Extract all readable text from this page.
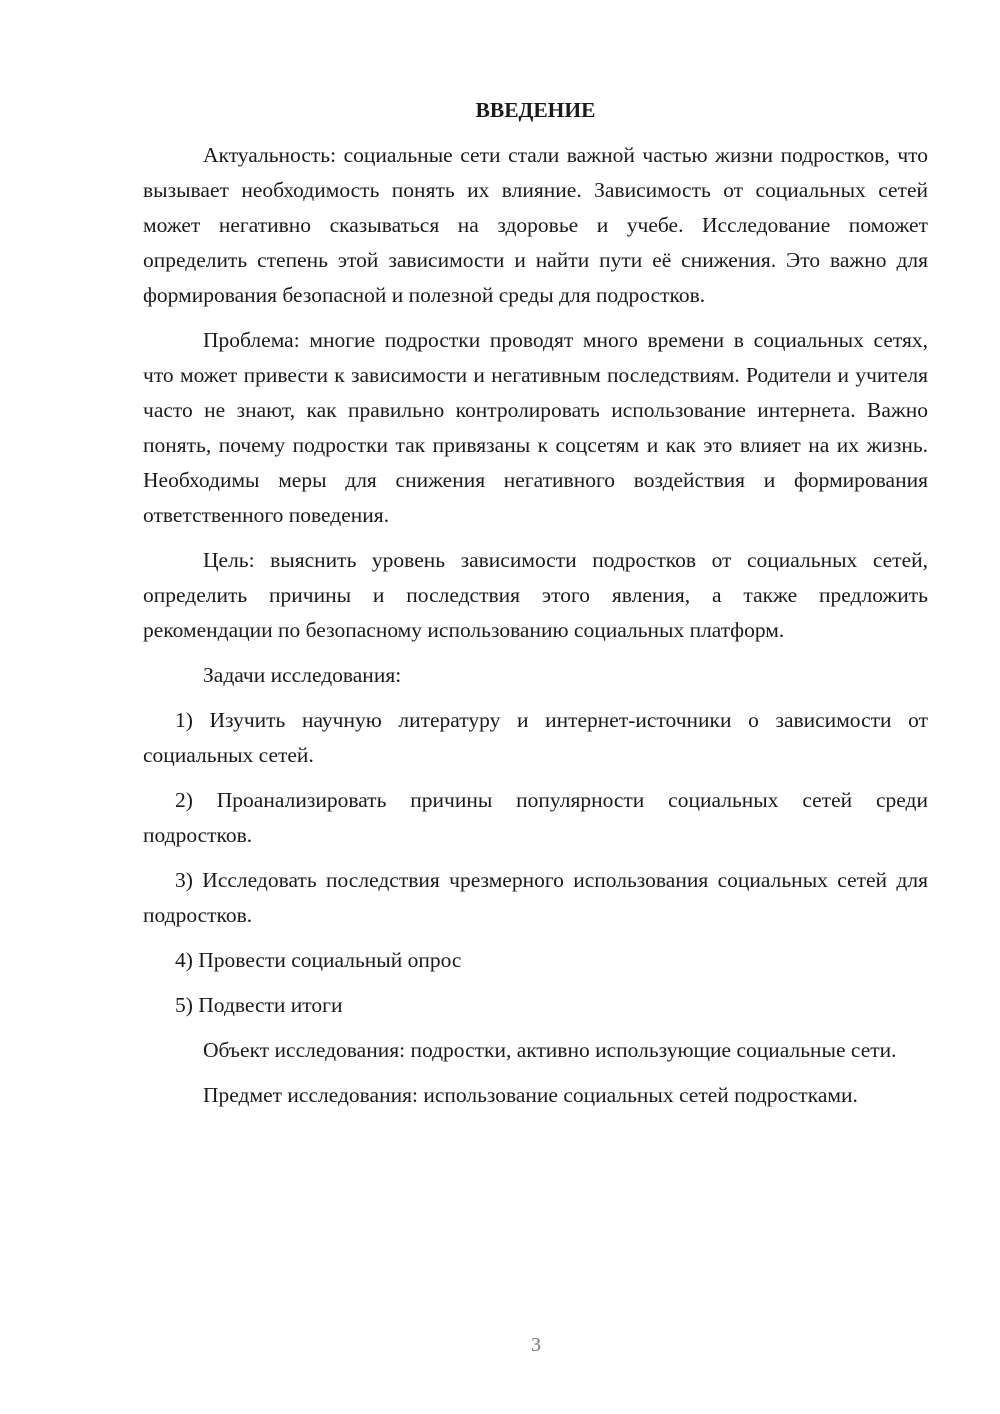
ВВЕДЕНИЕ

Актуальность: социальные сети стали важной частью жизни подростков, что вызывает необходимость понять их влияние. Зависимость от социальных сетей может негативно сказываться на здоровье и учебе. Исследование поможет определить степень этой зависимости и найти пути её снижения. Это важно для формирования безопасной и полезной среды для подростков.

Проблема: многие подростки проводят много времени в социальных сетях, что может привести к зависимости и негативным последствиям. Родители и учителя часто не знают, как правильно контролировать использование интернета. Важно понять, почему подростки так привязаны к соцсетям и как это влияет на их жизнь. Необходимы меры для снижения негативного воздействия и формирования ответственного поведения.

Цель: выяснить уровень зависимости подростков от социальных сетей, определить причины и последствия этого явления, а также предложить рекомендации по безопасному использованию социальных платформ.

Задачи исследования:

1) Изучить научную литературу и интернет-источники о зависимости от социальных сетей.

2) Проанализировать причины популярности социальных сетей среди подростков.

3) Исследовать последствия чрезмерного использования социальных сетей для подростков.

4) Провести социальный опрос

5) Подвести итоги

Объект исследования: подростки, активно использующие социальные сети.

Предмет исследования: использование социальных сетей подростками.

3
